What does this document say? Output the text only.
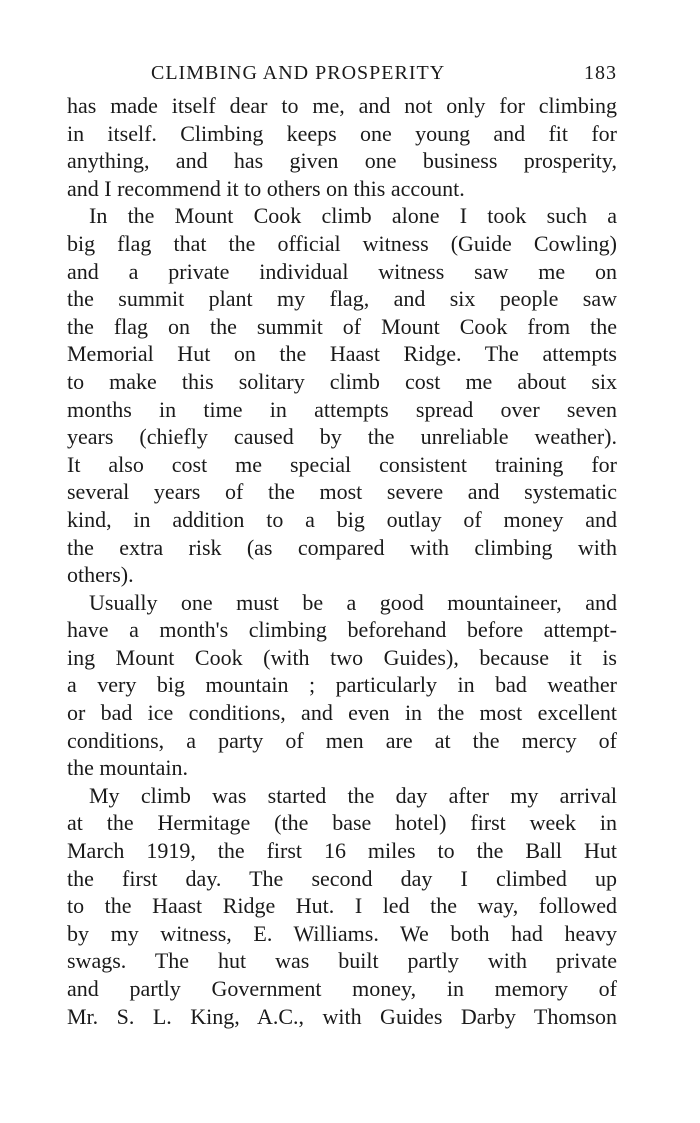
CLIMBING AND PROSPERITY	183
has made itself dear to me, and not only for climbing
in itself. Climbing keeps one young and fit for
anything, and has given one business prosperity,
and I recommend it to others on this account.
In the Mount Cook climb alone I took such a
big flag that the official witness (Guide Cowling)
and a private individual witness saw me on
the summit plant my flag, and six people saw
the flag on the summit of Mount Cook from the
Memorial Hut on the Haast Ridge. The attempts
to make this solitary climb cost me about six
months in time in attempts spread over seven
years (chiefly caused by the unreliable weather).
It also cost me special consistent training for
several years of the most severe and systematic
kind, in addition to a big outlay of money and
the extra risk (as compared with climbing with
others).
Usually one must be a good mountaineer, and
have a month's climbing beforehand before attempt-
ing Mount Cook (with two Guides), because it is
a very big mountain ; particularly in bad weather
or bad ice conditions, and even in the most excellent
conditions, a party of men are at the mercy of
the mountain.
My climb was started the day after my arrival
at the Hermitage (the base hotel) first week in
March 1919, the first 16 miles to the Ball Hut
the first day. The second day I climbed up
to the Haast Ridge Hut. I led the way, followed
by my witness, E. Williams. We both had heavy
swags. The hut was built partly with private
and partly Government money, in memory of
Mr. S. L. King, A.C., with Guides Darby Thomson
